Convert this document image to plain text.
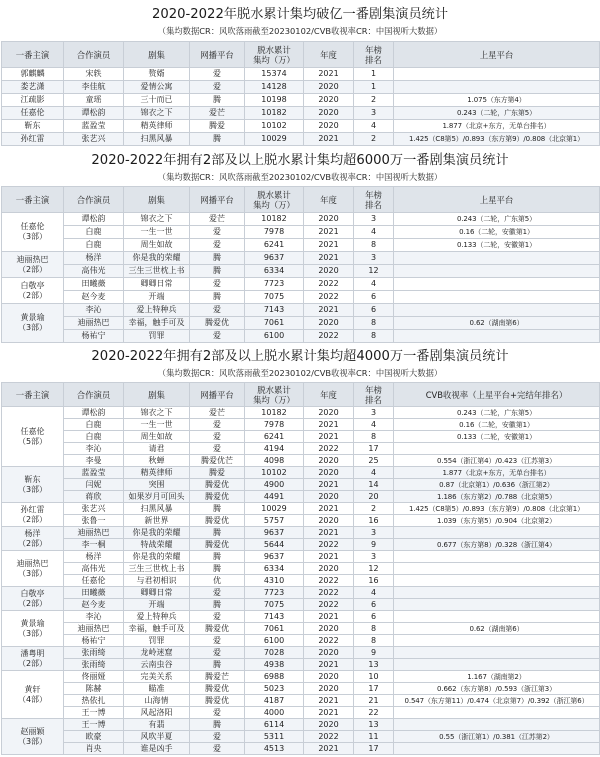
2020-2022年脱水累计集均破亿一番剧集演员统计
（集均数据CR：风吹落雨截至20230102/CVB收视率CR：中国视听大数据）
一番主演	合作演员	剧集	网播平台	脱水累计
集均（万）	年度	年榜
排名	上星平台

郭麒麟	宋轶	赘婿	爱	15374	2021	1	

娄艺潇	李佳航	爱情公寓	爱	14128	2020	1	

江疏影	童瑶	三十而已	腾	10198	2020	2	1.075（东方第4）

任嘉伦	谭松韵	锦衣之下	爱芒	10182	2020	3	0.243（二轮，广东第5）

靳东	蓝盈莹	精英律师	腾爱	10102	2020	4	1.877（北京+东方，无单台排名）

孙红雷	张艺兴	扫黑风暴	腾	10029	2021	2	1.425（C8第5）/0.893（东方第9）/0.808（北京第1）
2020-2022年拥有2部及以上脱水累计集均超6000万一番剧集演员统计
（集均数据CR：风吹落雨截至20230102/CVB收视率CR：中国视听大数据）
一番主演	合作演员	剧集	网播平台	脱水累计
集均（万）	年度	年榜
排名	上星平台

任嘉伦
（3部）	谭松韵	锦衣之下	爱芒	10182	2020	3	0.243（二轮，广东第5）
	白鹿	一生一世	爱	7978	2021	4	0.16（二轮，安徽第1）
	白鹿	周生如故	爱	6241	2021	8	0.133（二轮，安徽第1）

迪丽热巴
（2部）	杨洋	你是我的荣耀	腾	9637	2021	3	
	高伟光	三生三世枕上书	腾	6334	2020	12	

白敬亭
（2部）	田曦薇	卿卿日常	爱	7723	2022	4	
	赵今麦	开端	腾	7075	2022	6	

黄景瑜
（3部）	李沁	爱上特种兵	爱	7143	2021	6	
	迪丽热巴	幸福，触手可及	腾爱优	7061	2020	8	0.62（湖南第6）
	杨祐宁	罚罪	爱	6100	2022	8	
2020-2022年拥有2部及以上脱水累计集均超4000万一番剧集演员统计
（集均数据CR：风吹落雨截至20230102/CVB收视率CR：中国视听大数据）
一番主演	合作演员	剧集	网播平台	脱水累计
集均（万）	年度	年榜
排名	CVB收视率（上星平台+完结年排名）

任嘉伦
（5部）	谭松韵	锦衣之下	爱芒	10182	2020	3	0.243（二轮，广东第5）
	白鹿	一生一世	爱	7978	2021	4	0.16（二轮，安徽第1）
	白鹿	周生如故	爱	6241	2021	8	0.133（二轮，安徽第1）
	李沁	请君	爱	4194	2022	17	
	李曼	秋蝉	腾爱优芒	4098	2020	25	0.554（浙江第4）/0.423（江苏第3）

靳东
（3部）	蓝盈莹	精英律师	腾爱	10102	2020	4	1.877（北京+东方，无单台排名）
	闫妮	突围	腾爱优	4900	2021	14	0.87（北京第1）/0.636（浙江第2）
	蒋欣	如果岁月可回头	腾爱优	4491	2020	20	1.186（东方第2）/0.788（北京第5）

孙红雷
（2部）	张艺兴	扫黑风暴	腾	10029	2021	2	1.425（C8第5）/0.893（东方第9）/0.808（北京第1）
	张鲁一	新世界	腾爱优	5757	2020	16	1.039（东方第5）/0.904（北京第2）

杨洋
（2部）	迪丽热巴	你是我的荣耀	腾	9637	2021	3	
	李一桐	特战荣耀	腾爱优	5644	2022	9	0.677（东方第8）/0.328（浙江第4）

迪丽热巴
（3部）	杨洋	你是我的荣耀	腾	9637	2021	3	
	高伟光	三生三世枕上书	腾	6334	2020	12	
	任嘉伦	与君初相识	优	4310	2022	16	

白敬亭
（2部）	田曦薇	卿卿日常	爱	7723	2022	4	
	赵今麦	开端	腾	7075	2022	6	

黄景瑜
（3部）	李沁	爱上特种兵	爱	7143	2021	6	
	迪丽热巴	幸福，触手可及	腾爱优	7061	2020	8	0.62（湖南第6）
	杨祐宁	罚罪	爱	6100	2022	8	

潘粤明
（2部）	张雨绮	龙岭迷窟	爱	7028	2020	9	
	张雨绮	云南虫谷	腾	4938	2021	13	

黄轩
（4部）	佟丽娅	完美关系	腾爱芒	6988	2020	10	1.167（湖南第2）
	陈赫	瞄准	腾爱优	5023	2020	17	0.662（东方第8）/0.593（浙江第3）
	热依扎	山海情	腾爱优	4187	2021	21	0.547（东方第11）/0.474（北京第7）/0.392（浙江第6）
	王一博	风起洛阳	爱	4000	2021	22	

赵丽颖
（3部）	王一博	有翡	腾	6114	2020	13	
	欧豪	风吹半夏	爱	5311	2022	11	0.55（浙江第1）/0.381（江苏第2）
	肖央	谁是凶手	爱	4513	2021	17	
